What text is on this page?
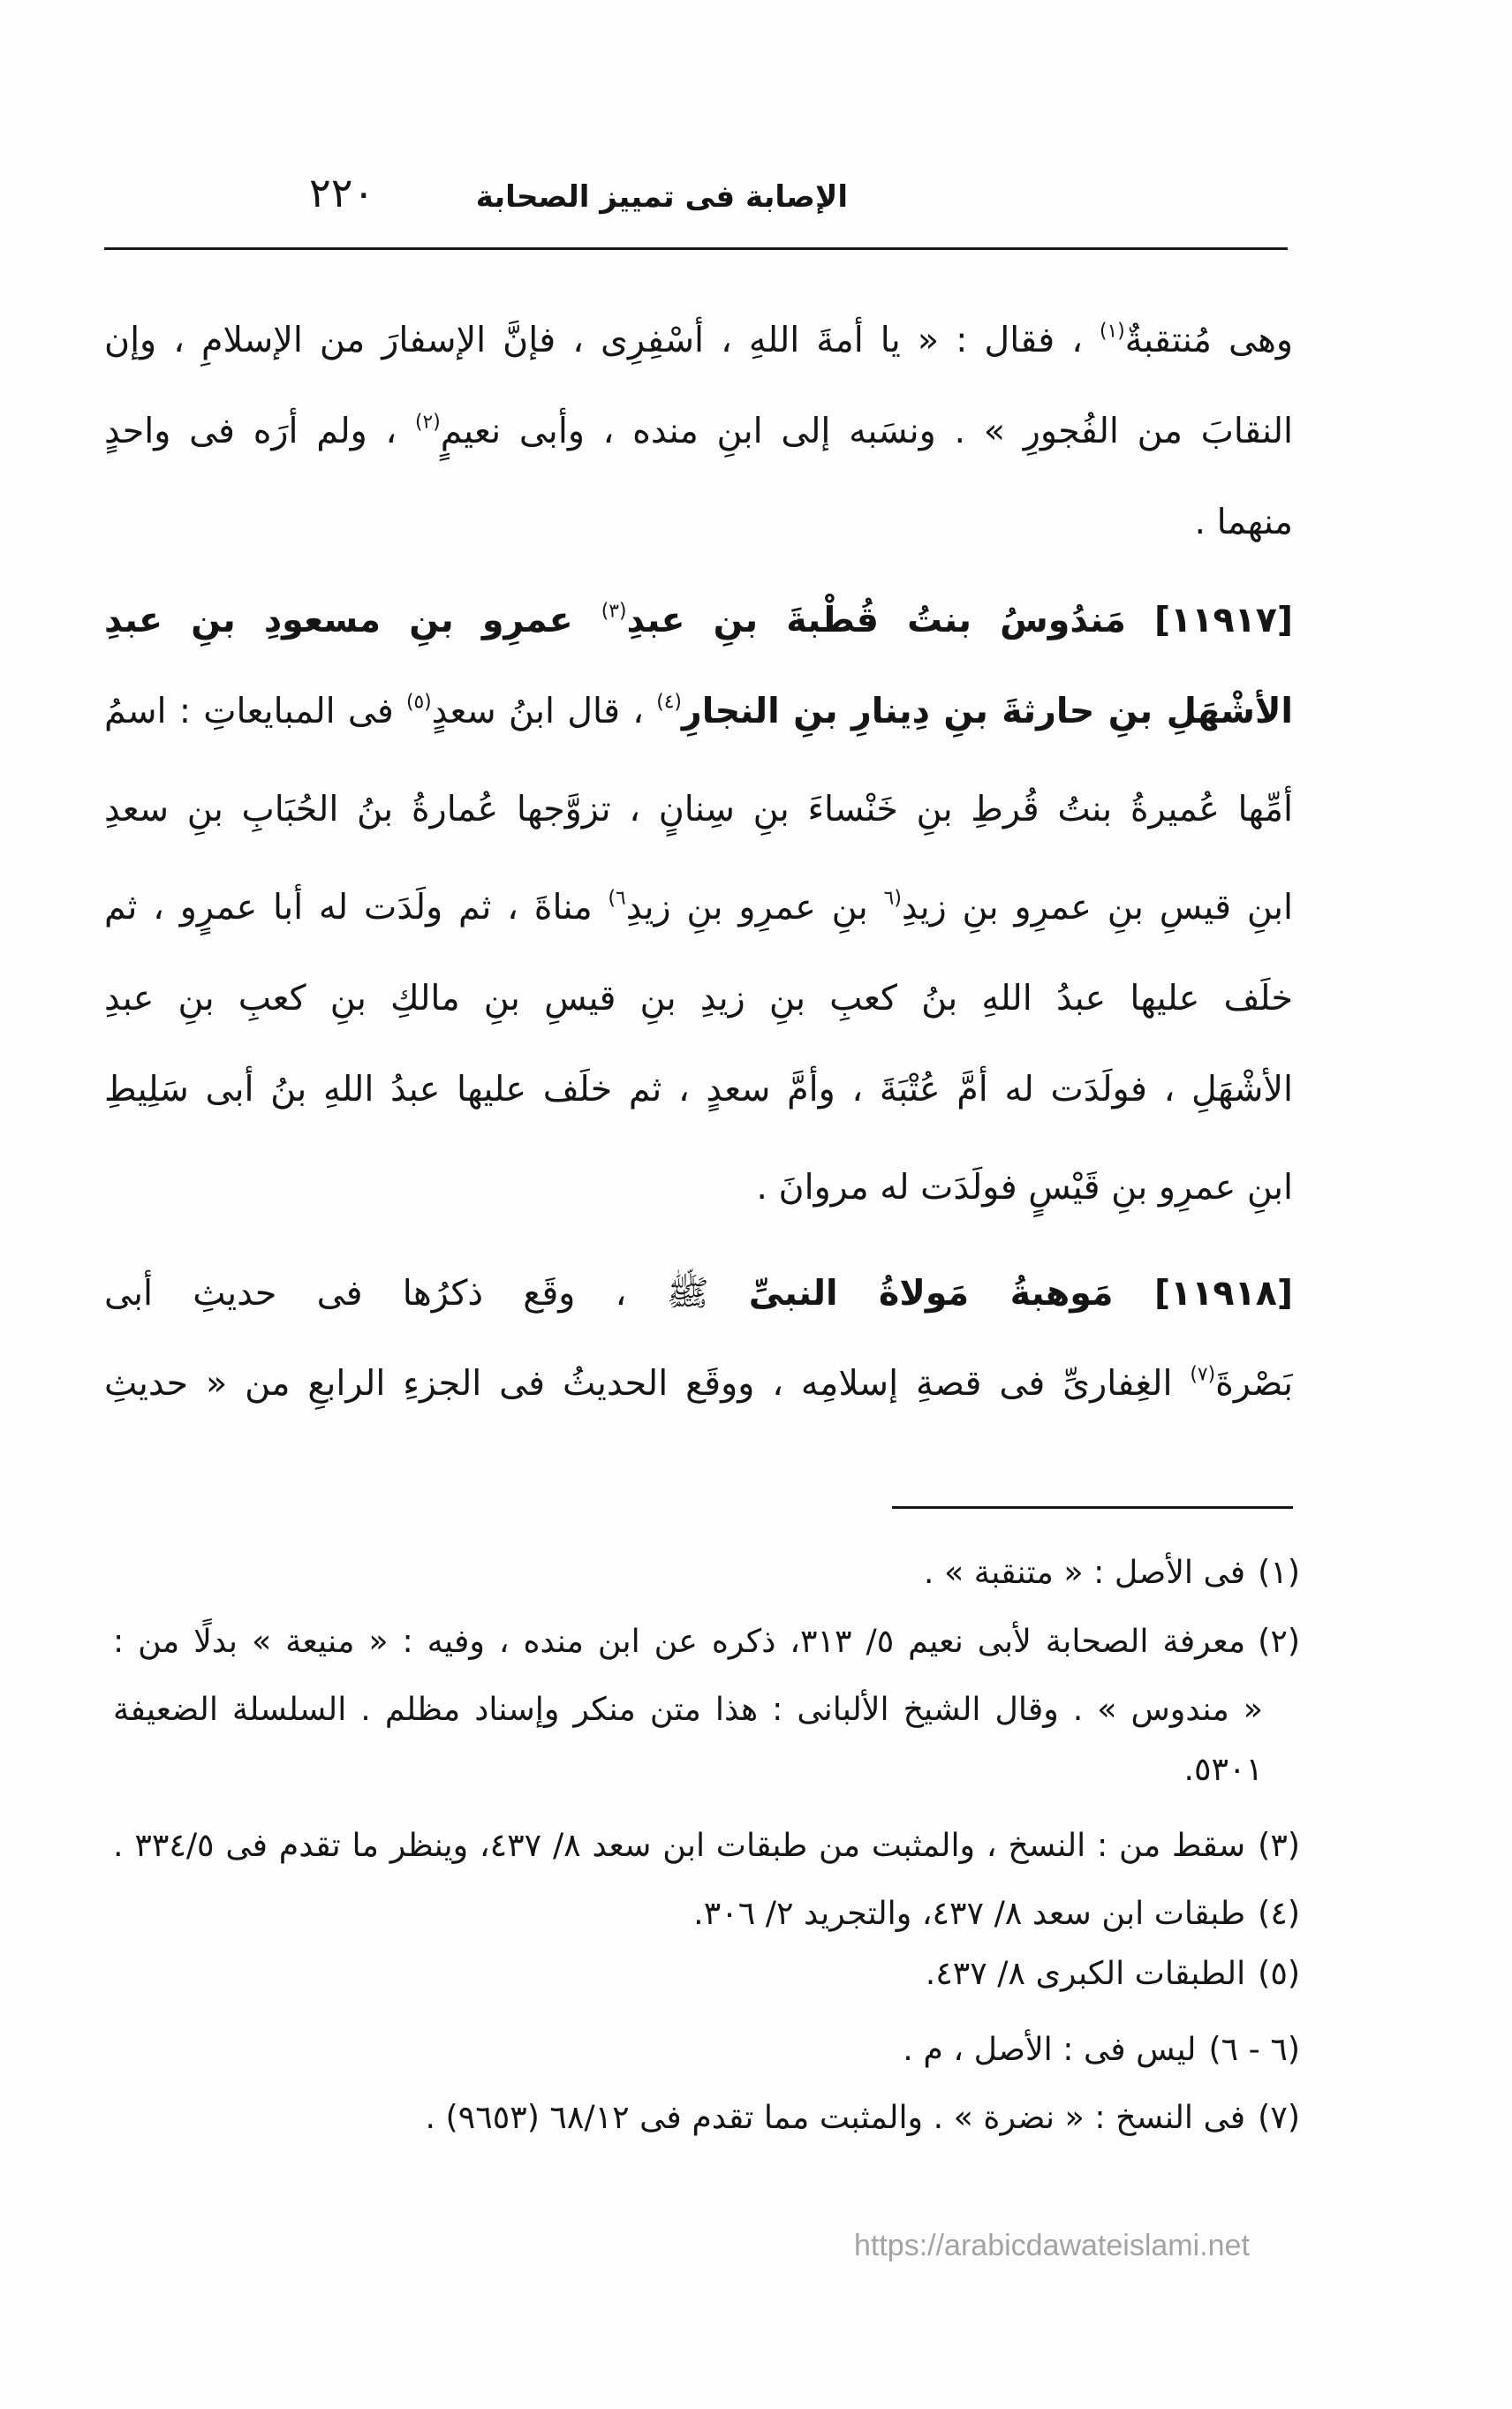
٢٢٠	الإصابة فى تمييز الصحابة
وهى مُنتقبةٌ$^{(١)}$ ، فقال : « يا أمةَ اللهِ ، أسْفِرِى ، فإنَّ الإسفارَ من الإسلامِ ، وإن
النقابَ من الفُجورِ » . ونسَبه إلى ابنِ منده ، وأبى نعيمٍ$^{(٢)}$ ، ولم أرَه فى واحدٍ
منهما .
[١١٩١٧] مَندُوسُ بنتُ قُطْبةَ بنِ عبدِ$^{(٣)}$ عمرِو بنِ مسعودِ بنِ عبدِ
الأشْهَلِ بنِ حارثةَ بنِ دِينارِ بنِ النجارِ$^{(٤)}$ ، قال ابنُ سعدٍ$^{(٥)}$ فى المبايعاتِ : اسمُ
أمِّها عُميرةُ بنتُ قُرطِ بنِ خَنْساءَ بنِ سِنانٍ ، تزوَّجها عُمارةُ بنُ الحُبَابِ بنِ سعدِ
ابنِ قيسِ بنِ عمرِو بنِ زيدِ$^{(٦}$ بنِ عمرِو بنِ زيدِ$^{٦)}$ مناةَ ، ثم ولَدَت له أبا عمرٍو ، ثم
خلَف عليها عبدُ اللهِ بنُ كعبِ بنِ زيدِ بنِ قيسِ بنِ مالكِ بنِ كعبِ بنِ عبدِ
الأشْهَلِ ، فولَدَت له أمَّ عُتْبَةَ ، وأمَّ سعدٍ ، ثم خلَف عليها عبدُ اللهِ بنُ أبى سَلِيطِ
ابنِ عمرِو بنِ قَيْسٍ فولَدَت له مروانَ .
[١١٩١٨] مَوهبةُ مَولاةُ النبىِّ ﷺ ، وقَع ذكرُها فى حديثِ أبى
بَصْرةَ$^{(٧)}$ الغِفارىِّ فى قصةِ إسلامِه ، ووقَع الحديثُ فى الجزءِ الرابعِ من « حديثِ
(١)فى الأصل : « متنقبة » .
(٢)معرفة الصحابة لأبى نعيم ٥/ ٣١٣، ذكره عن ابن منده ، وفيه : « منيعة » بدلًا من :
« مندوس » . وقال الشيخ الألبانى : هذا متن منكر وإسناد مظلم . السلسلة الضعيفة
٥٣٠١.
(٣)سقط من : النسخ ، والمثبت من طبقات ابن سعد ٨/ ٤٣٧، وينظر ما تقدم فى ٣٣٤/٥ .
(٤)طبقات ابن سعد ٨/ ٤٣٧، والتجريد ٢/ ٣٠٦.
(٥)الطبقات الكبرى ٨/ ٤٣٧.
(٦ - ٦)ليس فى : الأصل ، م .
(٧)فى النسخ : « نضرة » . والمثبت مما تقدم فى ٦٨/١٢ (٩٦٥٣) .
https://arabicdawateislami.net
